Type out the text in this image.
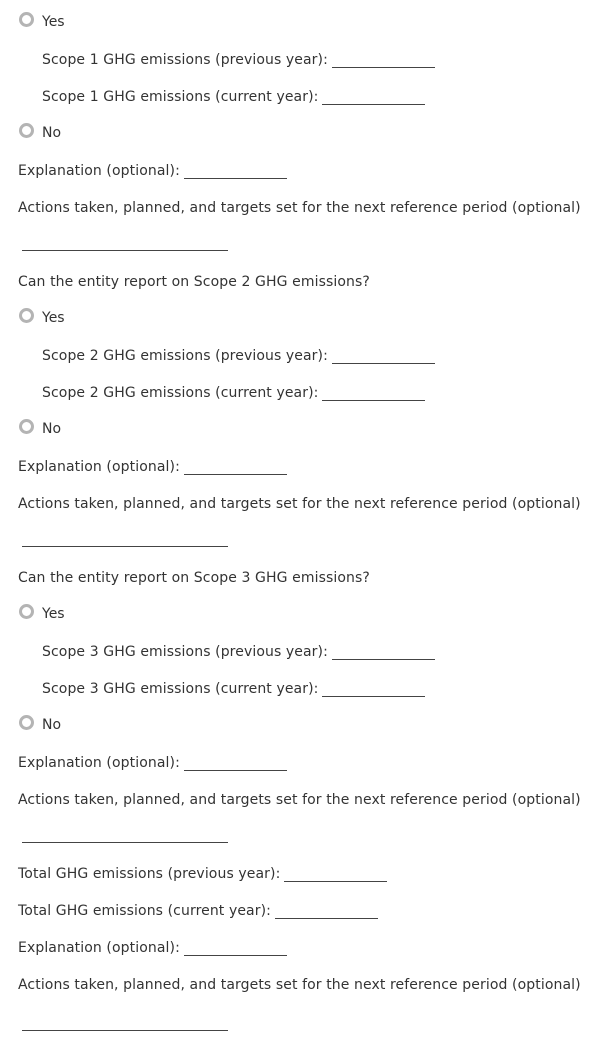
Yes
Scope 1 GHG emissions (previous year):
Scope 1 GHG emissions (current year):
No
Explanation (optional):
Actions taken, planned, and targets set for the next reference period (optional)
Can the entity report on Scope 2 GHG emissions?
Yes
Scope 2 GHG emissions (previous year):
Scope 2 GHG emissions (current year):
No
Explanation (optional):
Actions taken, planned, and targets set for the next reference period (optional)
Can the entity report on Scope 3 GHG emissions?
Yes
Scope 3 GHG emissions (previous year):
Scope 3 GHG emissions (current year):
No
Explanation (optional):
Actions taken, planned, and targets set for the next reference period (optional)
Total GHG emissions (previous year):
Total GHG emissions (current year):
Explanation (optional):
Actions taken, planned, and targets set for the next reference period (optional)
